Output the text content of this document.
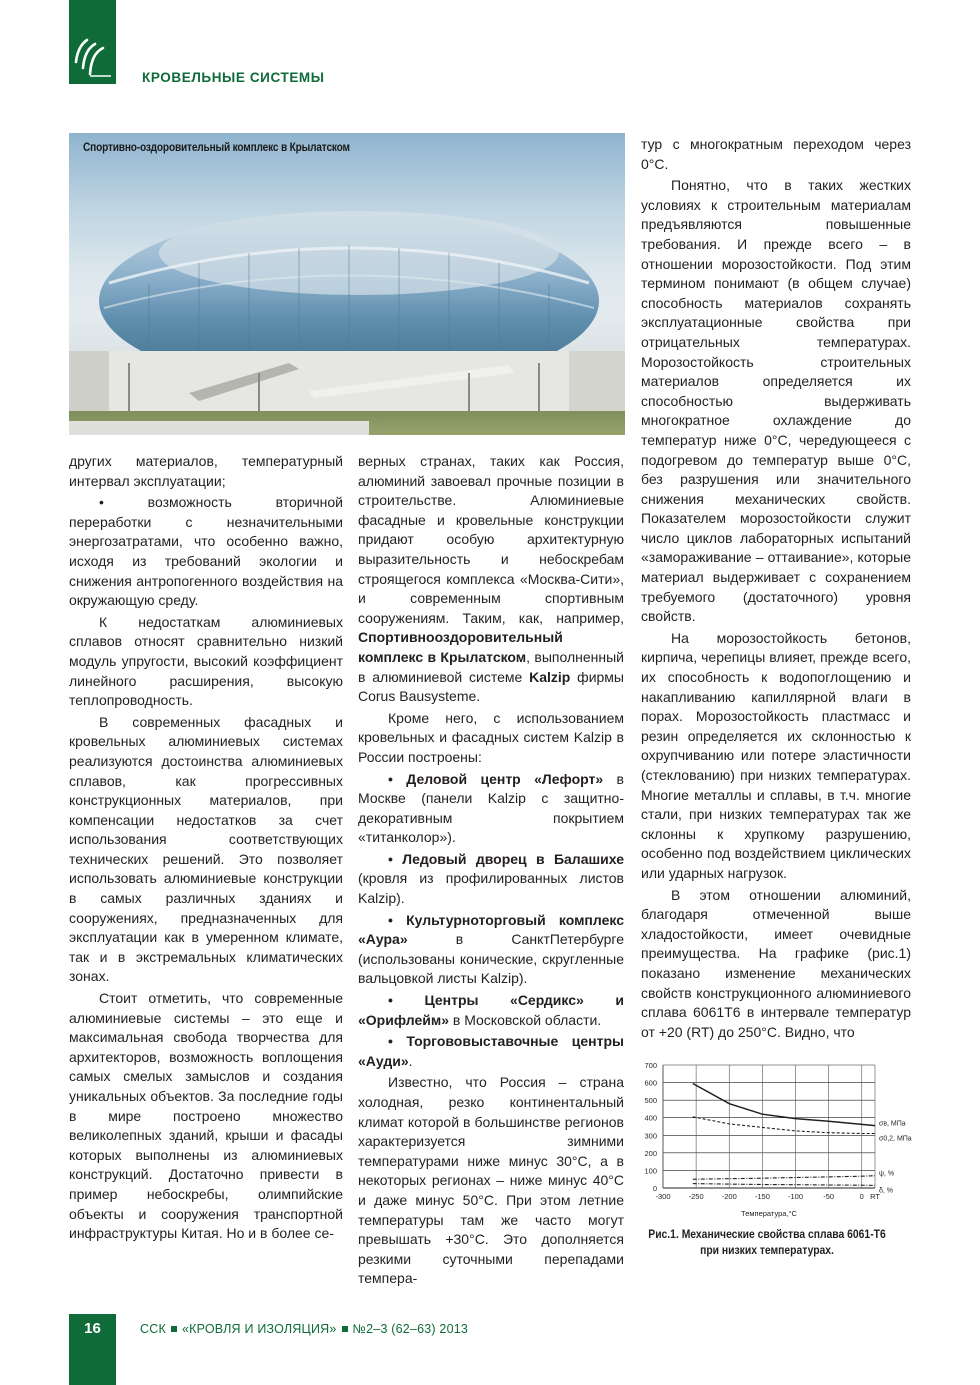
КРОВЕЛЬНЫЕ СИСТЕМЫ
Спортивно-оздоровительный комплекс в Крылатском

других материалов, температурный интервал эксплуатации;

• возможность вторичной переработки с незначительными энергозатратами, что особенно важно, исходя из требований экологии и снижения антропогенного воздействия на окружающую среду.

К недостаткам алюминиевых сплавов относят сравнительно низкий модуль упругости, высокий коэффициент линейного расширения, высокую теплопроводность.

В современных фасадных и кровельных алюминиевых системах реализуются достоинства алюминиевых сплавов, как прогрессивных конструкционных материалов, при компенсации недостатков за счет использования соответствующих технических решений. Это позволяет использовать алюминиевые конструкции в самых различных зданиях и сооружениях, предназначенных для эксплуатации как в умеренном климате, так и в экстремальных климатических зонах.

Стоит отметить, что современные алюминиевые системы – это еще и максимальная свобода творчества для архитекторов, возможность воплощения самых смелых замыслов и создания уникальных объектов. За последние годы в мире построено множество великолепных зданий, крыши и фасады которых выполнены из алюминиевых конструкций. Достаточно привести в пример небоскребы, олимпийские объекты и сооружения транспортной инфраструктуры Китая. Но и в более се-

верных странах, таких как Россия, алюминий завоевал прочные позиции в строительстве. Алюминиевые фасадные и кровельные конструкции придают особую архитектурную выразительность и небоскребам строящегося комплекса «Москва-Сити», и современным спортивным сооружениям. Таким, как, например, Спортивнооздоровительный комплекс в Крылатском, выполненный в алюминиевой системе Kalzip фирмы Corus Bausysteme.

Кроме него, с использованием кровельных и фасадных систем Kalzip в России построены:

• Деловой центр «Лефорт» в Москве (панели Kalzip с защитно-декоративным покрытием «титанколор»).

• Ледовый дворец в Балашихе (кровля из профилированных листов Kalzip).

• Культурноторговый комплекс «Аура» в СанктПетербурге (использованы конические, скругленные вальцовкой листы Kalzip).

• Центры «Сердикс» и «Орифлейм» в Московской области.

• Торгововыставочные центры «Ауди».

Известно, что Россия – страна холодная, резко континентальный климат которой в большинстве регионов характеризуется зимними температурами ниже минус 30°С, а в некоторых регионах – ниже минус 40°С и даже минус 50°С. При этом летние температуры там же часто могут превышать +30°С. Это дополняется резкими суточными перепадами темпера-

тур с многократным переходом через 0°С.

Понятно, что в таких жестких условиях к строительным материалам предъявляются повышенные требования. И прежде всего – в отношении морозостойкости. Под этим термином понимают (в общем случае) способность материалов сохранять эксплуатационные свойства при отрицательных температурах. Морозостойкость строительных материалов определяется их способностью выдерживать многократное охлаждение до температур ниже 0°С, чередующееся с подогревом до температур выше 0°С, без разрушения или значительного снижения механических свойств. Показателем морозостойкости служит число циклов лабораторных испытаний «замораживание – оттаивание», которые материал выдерживает с сохранением требуемого (достаточного) уровня свойств.

На морозостойкость бетонов, кирпича, черепицы влияет, прежде всего, их способность к водопоглощению и накапливанию капиллярной влаги в порах. Морозостойкость пластмасс и резин определяется их склонностью к охрупчиванию или потере эластичности (стеклованию) при низких температурах. Многие металлы и сплавы, в т.ч. многие стали, при низких температурах так же склонны к хрупкому разрушению, особенно под воздействием циклических или ударных нагрузок.

В этом отношении алюминий, благодаря отмеченной выше хладостойкости, имеет очевидные преимущества. На графике (рис.1) показано изменение механических свойств конструкционного алюминиевого сплава 6061Т6 в интервале температур от +20 (RT) до 250°С. Видно, что

0
100
200
300
400
500
600
700
-300 -250 -200 -150 -100	-50	0 RT
Температура,°С
σв, МПа
σ0,2, МПа
ψ, %
δ, %
Рис.1. Механические свойства сплава 6061-Т6
при низких температурах.
16	ССК «КРОВЛЯ И ИЗОЛЯЦИЯ» №2–3 (62–63) 2013
